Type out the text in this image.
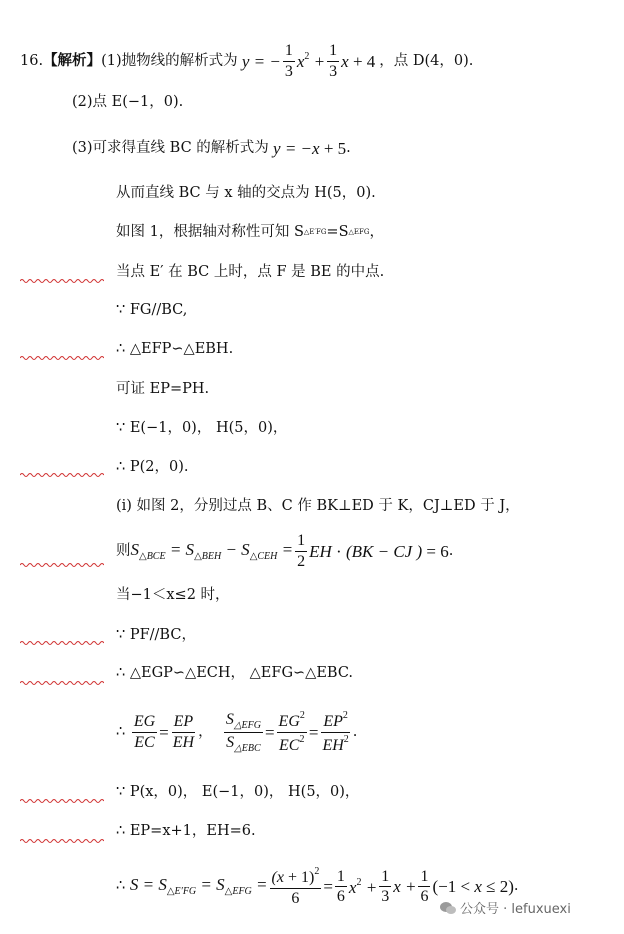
16. 【解析】 (1)抛物线的解析式为 y = − $\frac{1}{3} x^2 + \frac{1}{3}$ x + 4 ，点 D(4，0).
(2)点 E(−1，0).
(3)可求得直线 BC 的解析式为 y = −x + 5 .
从而直线 BC 与 x 轴的交点为 H(5，0).
如图 1，根据轴对称性可知 S △E′FG =S △EFG ，
当点 E′ 在 BC 上时，点 F 是 BE 的中点.
∵ FG//BC,
∴ △EFP∽△EBH.
可证 EP=PH.
∵ E(−1，0)， H(5，0)，
∴ P(2，0).
(i) 如图 2，分别过点 B、C 作 BK⊥ED 于 K，CJ⊥ED 于 J，
则 $S_{\triangle BCE} = S_{\triangle BEH} - S_{\triangle CEH} = \frac{1}{2}$ EH · (BK − CJ ) = 6 .
当−1＜x≤2 时，
∵ PF//BC，
∴ △EGP∽△ECH， △EFG∽△EBC.
∴ $\frac{EG}{EC} = \frac{EP}{EH}$ ， $\frac{S_{\triangle EFG}}{S_{\triangle EBC}} = \frac{EG^2}{EC^2} = \frac{EP^2}{EH^2}$ .
∵ P(x，0)， E(−1，0)， H(5，0)，
∴ EP=x+1，EH=6.
∴ $S = S_{\triangle E'FG} = S_{\triangle EFG} = \frac{(x + 1)^2}{6} = \frac{1}{6} x^2 + \frac{1}{3}$ $x + \frac{1}{6} (-1 < x \le 2)$ .
公众号 · lefuxuexi
